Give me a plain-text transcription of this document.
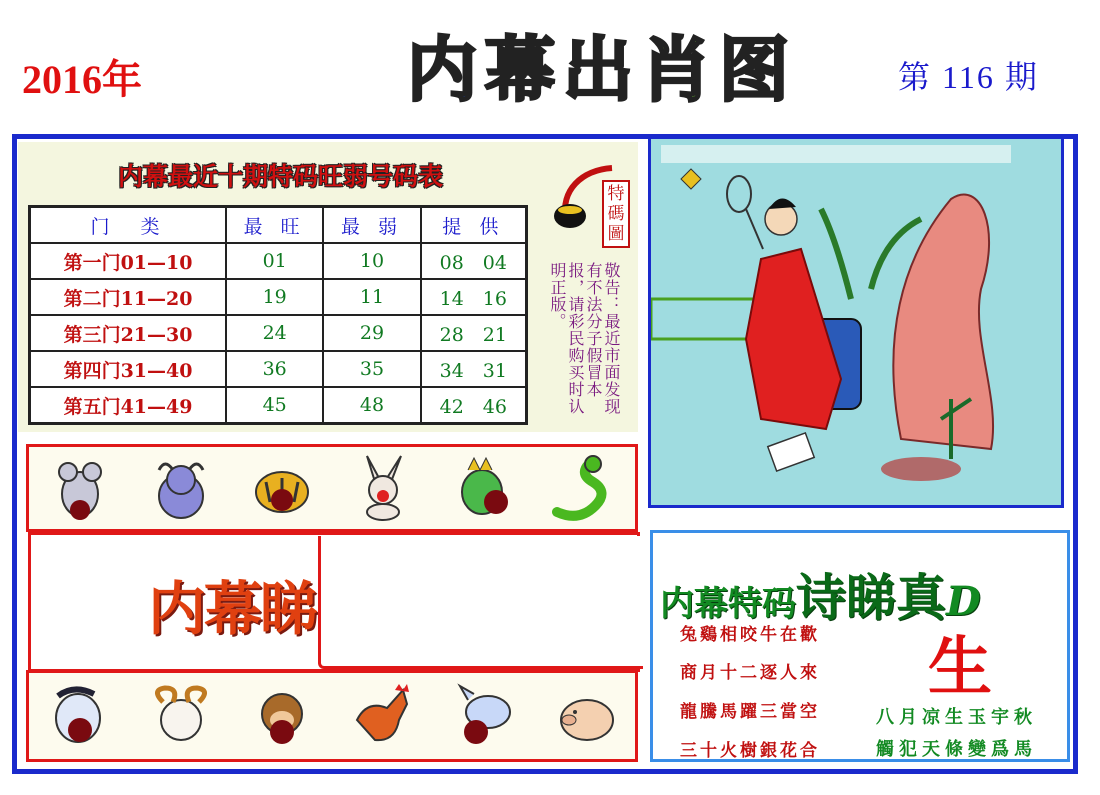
2016年	内 幕 出 肖 图	第 116 期
内幕最近十期特码旺弱号码表
门　类	最 旺	最 弱	提 供
第一门01—10	01	10	08　04
第二门11—20	19	11	14　16
第三门21—30	24	29	28　21
第四门31—40	36	35	34　31
第五门41—49	45	48	42　46
特碼圖
敬告：最近市面发现有不法分子假冒本报，请彩民购买时认明正版。
内幕睇	内幕特码诗睇真D
兔鷄相咬牛在歡
商月十二逐人來
龍騰馬躍三當空
三十火樹銀花合
生
八月凉生玉宇秋
觸犯天條變爲馬
